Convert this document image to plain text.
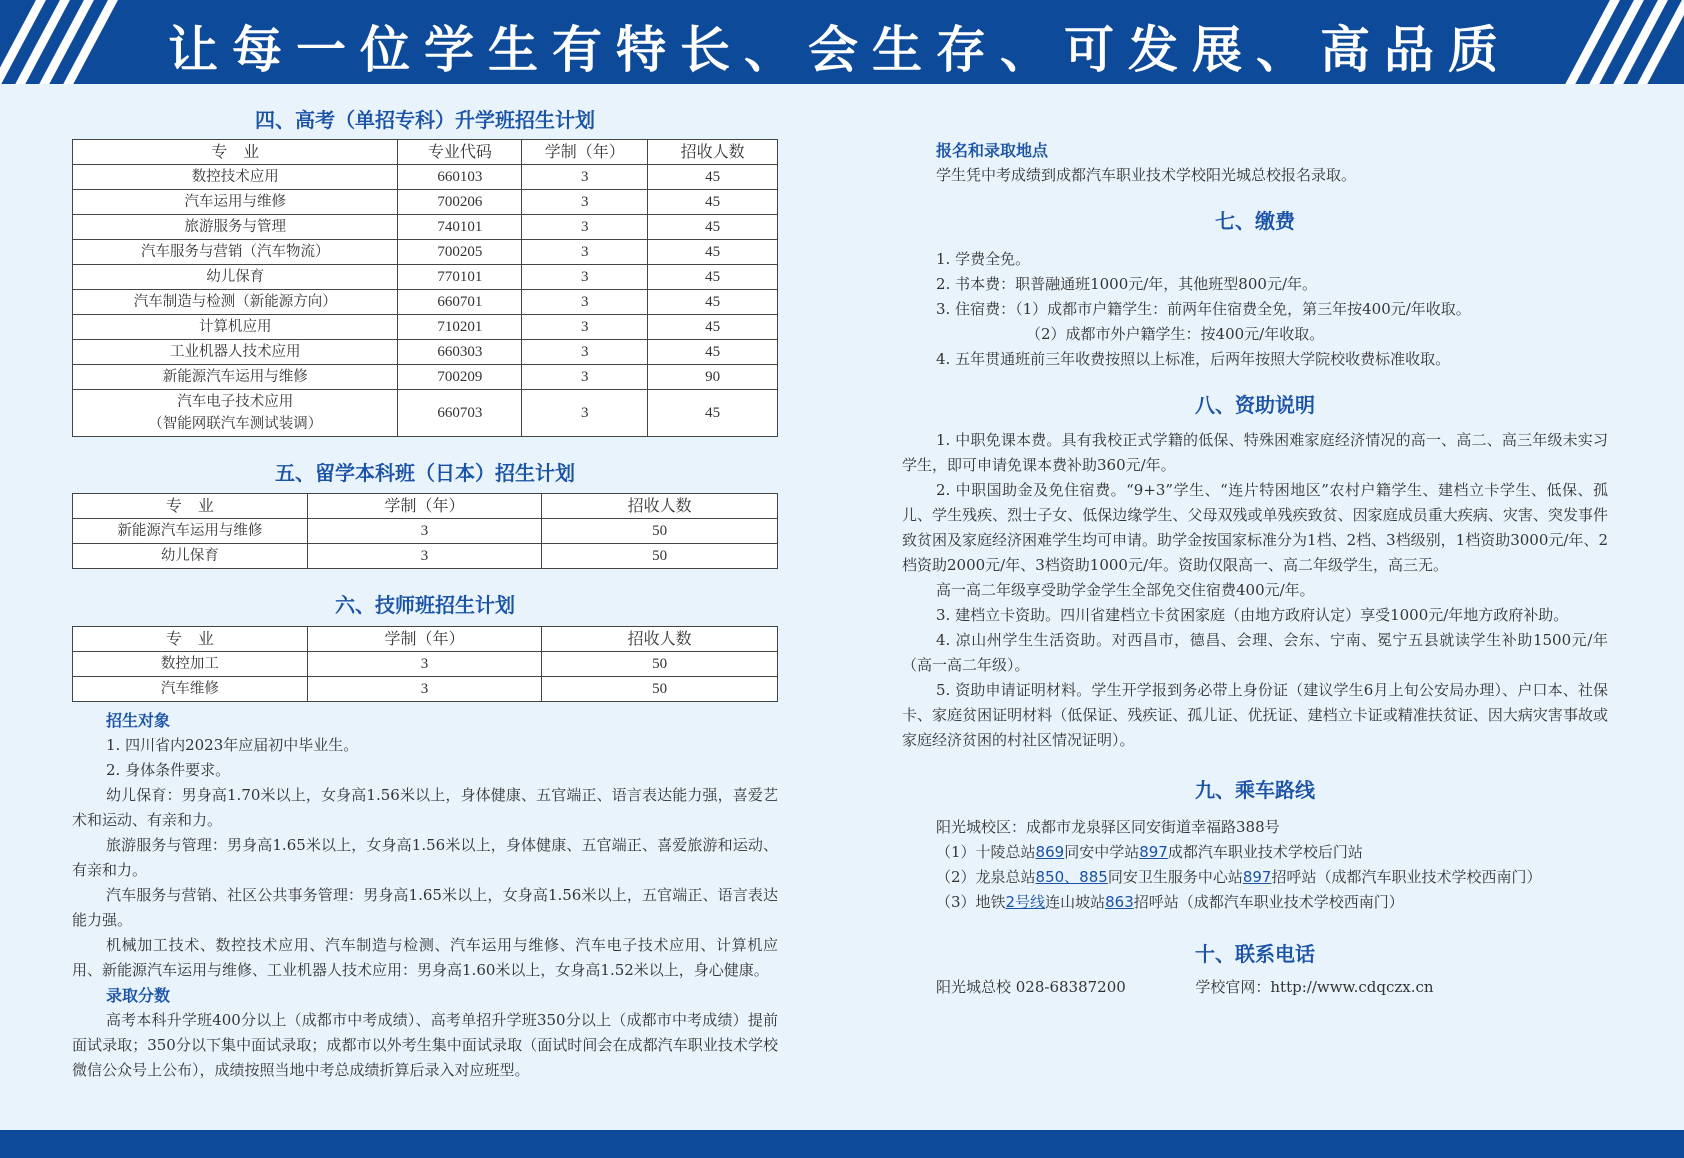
让每一位学生有特长、会生存、可发展、高品质
四、高考（单招专科）升学班招生计划
专　业	专业代码	学制（年）	招收人数
数控技术应用	660103	3	45
汽车运用与维修	700206	3	45
旅游服务与管理	740101	3	45
汽车服务与营销（汽车物流）	700205	3	45
幼儿保育	770101	3	45
汽车制造与检测（新能源方向）	660701	3	45
计算机应用	710201	3	45
工业机器人技术应用	660303	3	45
新能源汽车运用与维修	700209	3	90

汽车电子技术应用
（智能网联汽车测试装调）	660703	3	45
五、留学本科班（日本）招生计划
专　业	学制（年）	招收人数
新能源汽车运用与维修	3	50
幼儿保育	3	50
六、技师班招生计划
专　业	学制（年）	招收人数
数控加工	3	50
汽车维修	3	50
招生对象

1. 四川省内2023年应届初中毕业生。

2. 身体条件要求。

幼儿保育：男身高1.70米以上，女身高1.56米以上，身体健康、五官端正、语言表达能力强，喜爱艺术和运动、有亲和力。

旅游服务与管理：男身高1.65米以上，女身高1.56米以上，身体健康、五官端正、喜爱旅游和运动、有亲和力。

汽车服务与营销、社区公共事务管理：男身高1.65米以上，女身高1.56米以上，五官端正、语言表达能力强。

机械加工技术、数控技术应用、汽车制造与检测、汽车运用与维修、汽车电子技术应用、计算机应用、新能源汽车运用与维修、工业机器人技术应用：男身高1.60米以上，女身高1.52米以上，身心健康。

录取分数

高考本科升学班400分以上（成都市中考成绩）、高考单招升学班350分以上（成都市中考成绩）提前面试录取；350分以下集中面试录取；成都市以外考生集中面试录取（面试时间会在成都汽车职业技术学校微信公众号上公布），成绩按照当地中考总成绩折算后录入对应班型。

报名和录取地点

学生凭中考成绩到成都汽车职业技术学校阳光城总校报名录取。

七、缴费

1. 学费全免。

2. 书本费：职普融通班1000元/年，其他班型800元/年。

3. 住宿费：（1）成都市户籍学生：前两年住宿费全免，第三年按400元/年收取。

（2）成都市外户籍学生：按400元/年收取。

4. 五年贯通班前三年收费按照以上标准，后两年按照大学院校收费标准收取。

八、资助说明

1. 中职免课本费。具有我校正式学籍的低保、特殊困难家庭经济情况的高一、高二、高三年级未实习学生，即可申请免课本费补助360元/年。

2. 中职国助金及免住宿费。“9+3”学生、“连片特困地区”农村户籍学生、建档立卡学生、低保、孤儿、学生残疾、烈士子女、低保边缘学生、父母双残或单残疾致贫、因家庭成员重大疾病、灾害、突发事件致贫困及家庭经济困难学生均可申请。助学金按国家标准分为1档、2档、3档级别，1档资助3000元/年、2档资助2000元/年、3档资助1000元/年。资助仅限高一、高二年级学生，高三无。

高一高二年级享受助学金学生全部免交住宿费400元/年。

3. 建档立卡资助。四川省建档立卡贫困家庭（由地方政府认定）享受1000元/年地方政府补助。

4. 凉山州学生生活资助。对西昌市，德昌、会理、会东、宁南、冕宁五县就读学生补助1500元/年（高一高二年级）。

5. 资助申请证明材料。学生开学报到务必带上身份证（建议学生6月上旬公安局办理）、户口本、社保卡、家庭贫困证明材料（低保证、残疾证、孤儿证、优抚证、建档立卡证或精准扶贫证、因大病灾害事故或家庭经济贫困的村社区情况证明）。

九、乘车路线

阳光城校区：成都市龙泉驿区同安街道幸福路388号

（1）十陵总站869同安中学站897成都汽车职业技术学校后门站

（2）龙泉总站850、885同安卫生服务中心站897招呼站（成都汽车职业技术学校西南门）

（3）地铁2号线连山坡站863招呼站（成都汽车职业技术学校西南门）

十、联系电话
阳光城总校 028-68387200	学校官网：http://www.cdqczx.cn
